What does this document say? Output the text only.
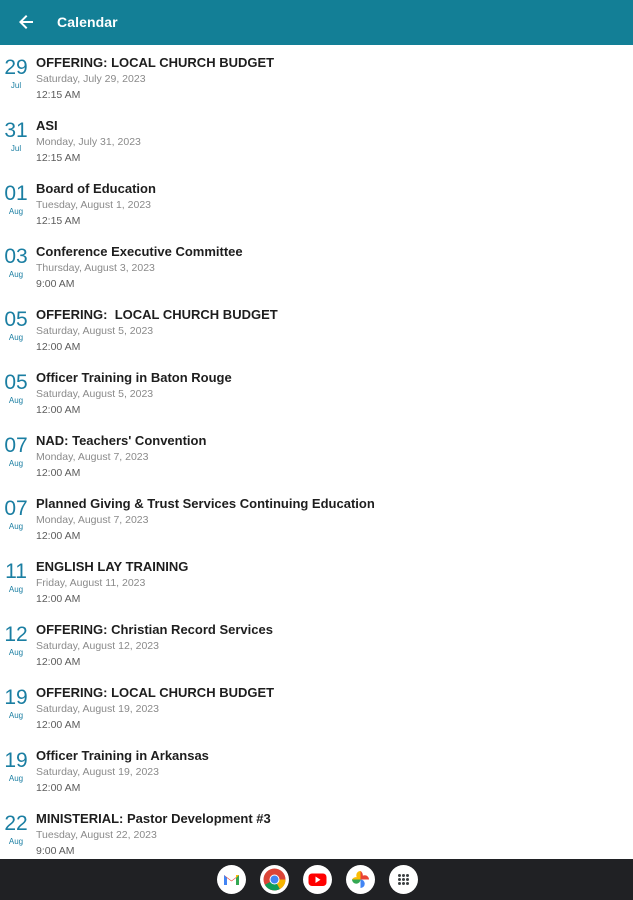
Calendar
29
Jul
OFFERING: LOCAL CHURCH BUDGET
Saturday, July 29, 2023
12:15 AM
31
Jul
ASI
Monday, July 31, 2023
12:15 AM
01
Aug
Board of Education
Tuesday, August 1, 2023
12:15 AM
03
Aug
Conference Executive Committee
Thursday, August 3, 2023
9:00 AM
05
Aug
OFFERING:  LOCAL CHURCH BUDGET
Saturday, August 5, 2023
12:00 AM
05
Aug
Officer Training in Baton Rouge
Saturday, August 5, 2023
12:00 AM
07
Aug
NAD: Teachers' Convention
Monday, August 7, 2023
12:00 AM
07
Aug
Planned Giving & Trust Services Continuing Education
Monday, August 7, 2023
12:00 AM
11
Aug
ENGLISH LAY TRAINING
Friday, August 11, 2023
12:00 AM
12
Aug
OFFERING: Christian Record Services
Saturday, August 12, 2023
12:00 AM
19
Aug
OFFERING: LOCAL CHURCH BUDGET
Saturday, August 19, 2023
12:00 AM
19
Aug
Officer Training in Arkansas
Saturday, August 19, 2023
12:00 AM
22
Aug
MINISTERIAL: Pastor Development #3
Tuesday, August 22, 2023
9:00 AM
